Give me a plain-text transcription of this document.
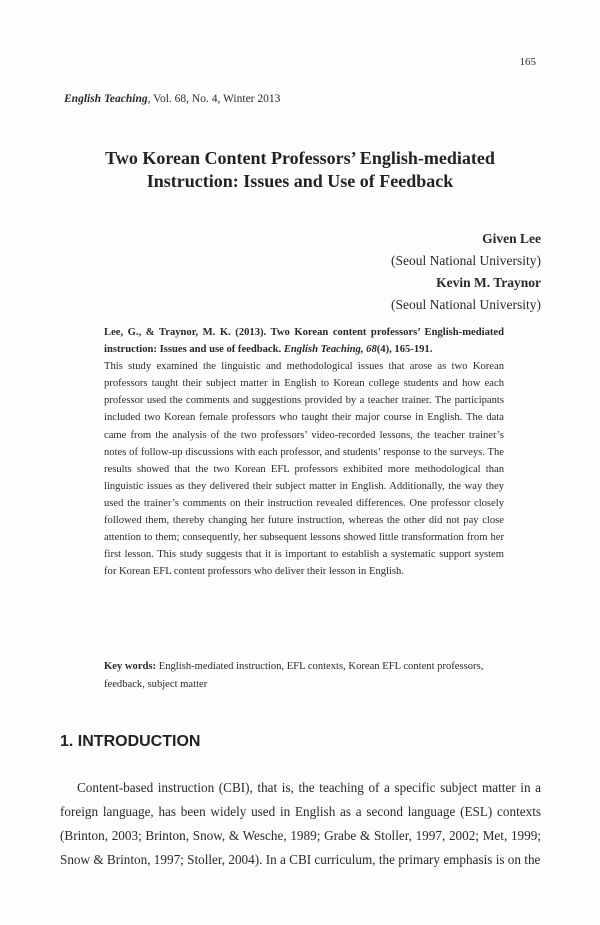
165
English Teaching, Vol. 68, No. 4, Winter 2013
Two Korean Content Professors’ English-mediated
Instruction: Issues and Use of Feedback
Given Lee
(Seoul National University)
Kevin M. Traynor
(Seoul National University)
Lee, G., & Traynor, M. K. (2013). Two Korean content professors’ English-mediated instruction: Issues and use of feedback. English Teaching, 68(4), 165-191.

This study examined the linguistic and methodological issues that arose as two Korean professors taught their subject matter in English to Korean college students and how each professor used the comments and suggestions provided by a teacher trainer. The participants included two Korean female professors who taught their major course in English. The data came from the analysis of the two professors’ video-recorded lessons, the teacher trainer’s notes of follow-up discussions with each professor, and students’ response to the surveys. The results showed that the two Korean EFL professors exhibited more methodological than linguistic issues as they delivered their subject matter in English. Additionally, the way they used the trainer’s comments on their instruction revealed differences. One professor closely followed them, thereby changing her future instruction, whereas the other did not pay close attention to them; consequently, her subsequent lessons showed little transformation from her first lesson. This study suggests that it is important to establish a systematic support system for Korean EFL content professors who deliver their lesson in English.

Key words: English-mediated instruction, EFL contexts, Korean EFL content professors, feedback, subject matter
1. INTRODUCTION

Content-based instruction (CBI), that is, the teaching of a specific subject matter in a foreign language, has been widely used in English as a second language (ESL) contexts (Brinton, 2003; Brinton, Snow, & Wesche, 1989; Grabe & Stoller, 1997, 2002; Met, 1999; Snow & Brinton, 1997; Stoller, 2004). In a CBI curriculum, the primary emphasis is on the
